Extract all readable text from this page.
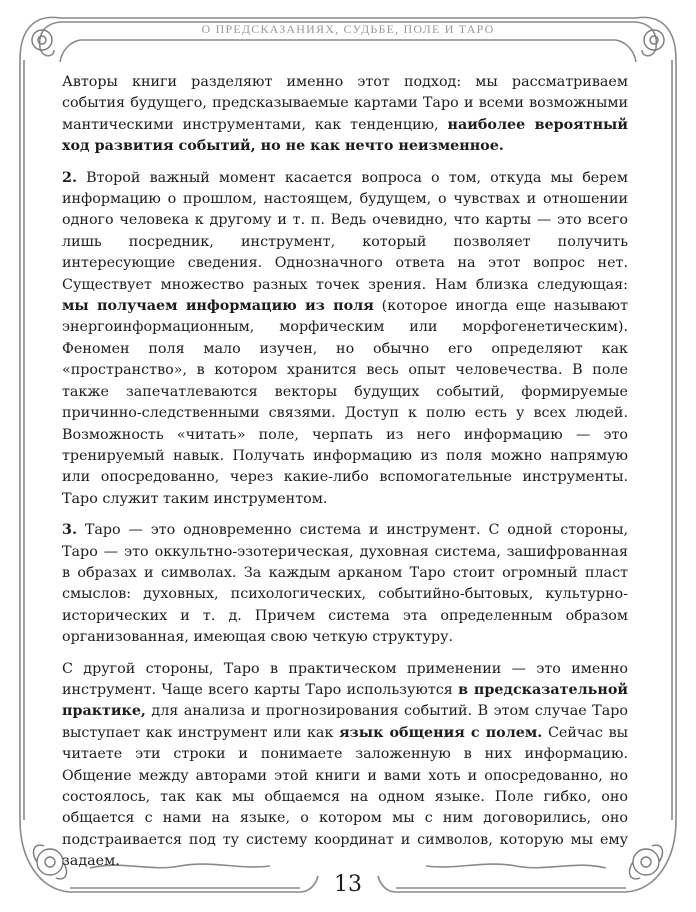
О ПРЕДСКАЗАНИЯХ, СУДЬБЕ, ПОЛЕ И ТАРО

Авторы книги разделяют именно этот подход: мы рассматриваем события будущего, предсказываемые картами Таро и всеми возможными мантическими инструментами, как тенденцию, наиболее вероятный ход развития событий, но не как нечто неизменное.

2. Второй важный момент касается вопроса о том, откуда мы берем информацию о прошлом, настоящем, будущем, о чувствах и отношении одного человека к другому и т. п. Ведь очевидно, что карты — это всего лишь посредник, инструмент, который позволяет получить интересующие сведения. Однозначного ответа на этот вопрос нет. Существует множество разных точек зрения. Нам близка следующая: мы получаем информацию из поля (которое иногда еще называют энергоинформационным, морфическим или морфогенетическим). Феномен поля мало изучен, но обычно его определяют как «пространство», в котором хранится весь опыт человечества. В поле также запечатлеваются векторы будущих событий, формируемые причинно-следственными связями. Доступ к полю есть у всех людей. Возможность «читать» поле, черпать из него информацию — это тренируемый навык. Получать информацию из поля можно напрямую или опосредованно, через какие-либо вспомогательные инструменты. Таро служит таким инструментом.

3. Таро — это одновременно система и инструмент. С одной стороны, Таро — это оккультно-эзотерическая, духовная система, зашифрованная в образах и символах. За каждым арканом Таро стоит огромный пласт смыслов: духовных, психологических, событийно-бытовых, культурно-исторических и т. д. Причем система эта определенным образом организованная, имеющая свою четкую структуру.

С другой стороны, Таро в практическом применении — это именно инструмент. Чаще всего карты Таро используются в предсказательной практике, для анализа и прогнозирования событий. В этом случае Таро выступает как инструмент или как язык общения с полем. Сейчас вы читаете эти строки и понимаете заложенную в них информацию. Общение между авторами этой книги и вами хоть и опосредованно, но состоялось, так как мы общаемся на одном языке. Поле гибко, оно общается с нами на языке, о котором мы с ним договорились, оно подстраивается под ту систему координат и символов, которую мы ему задаем.

13
